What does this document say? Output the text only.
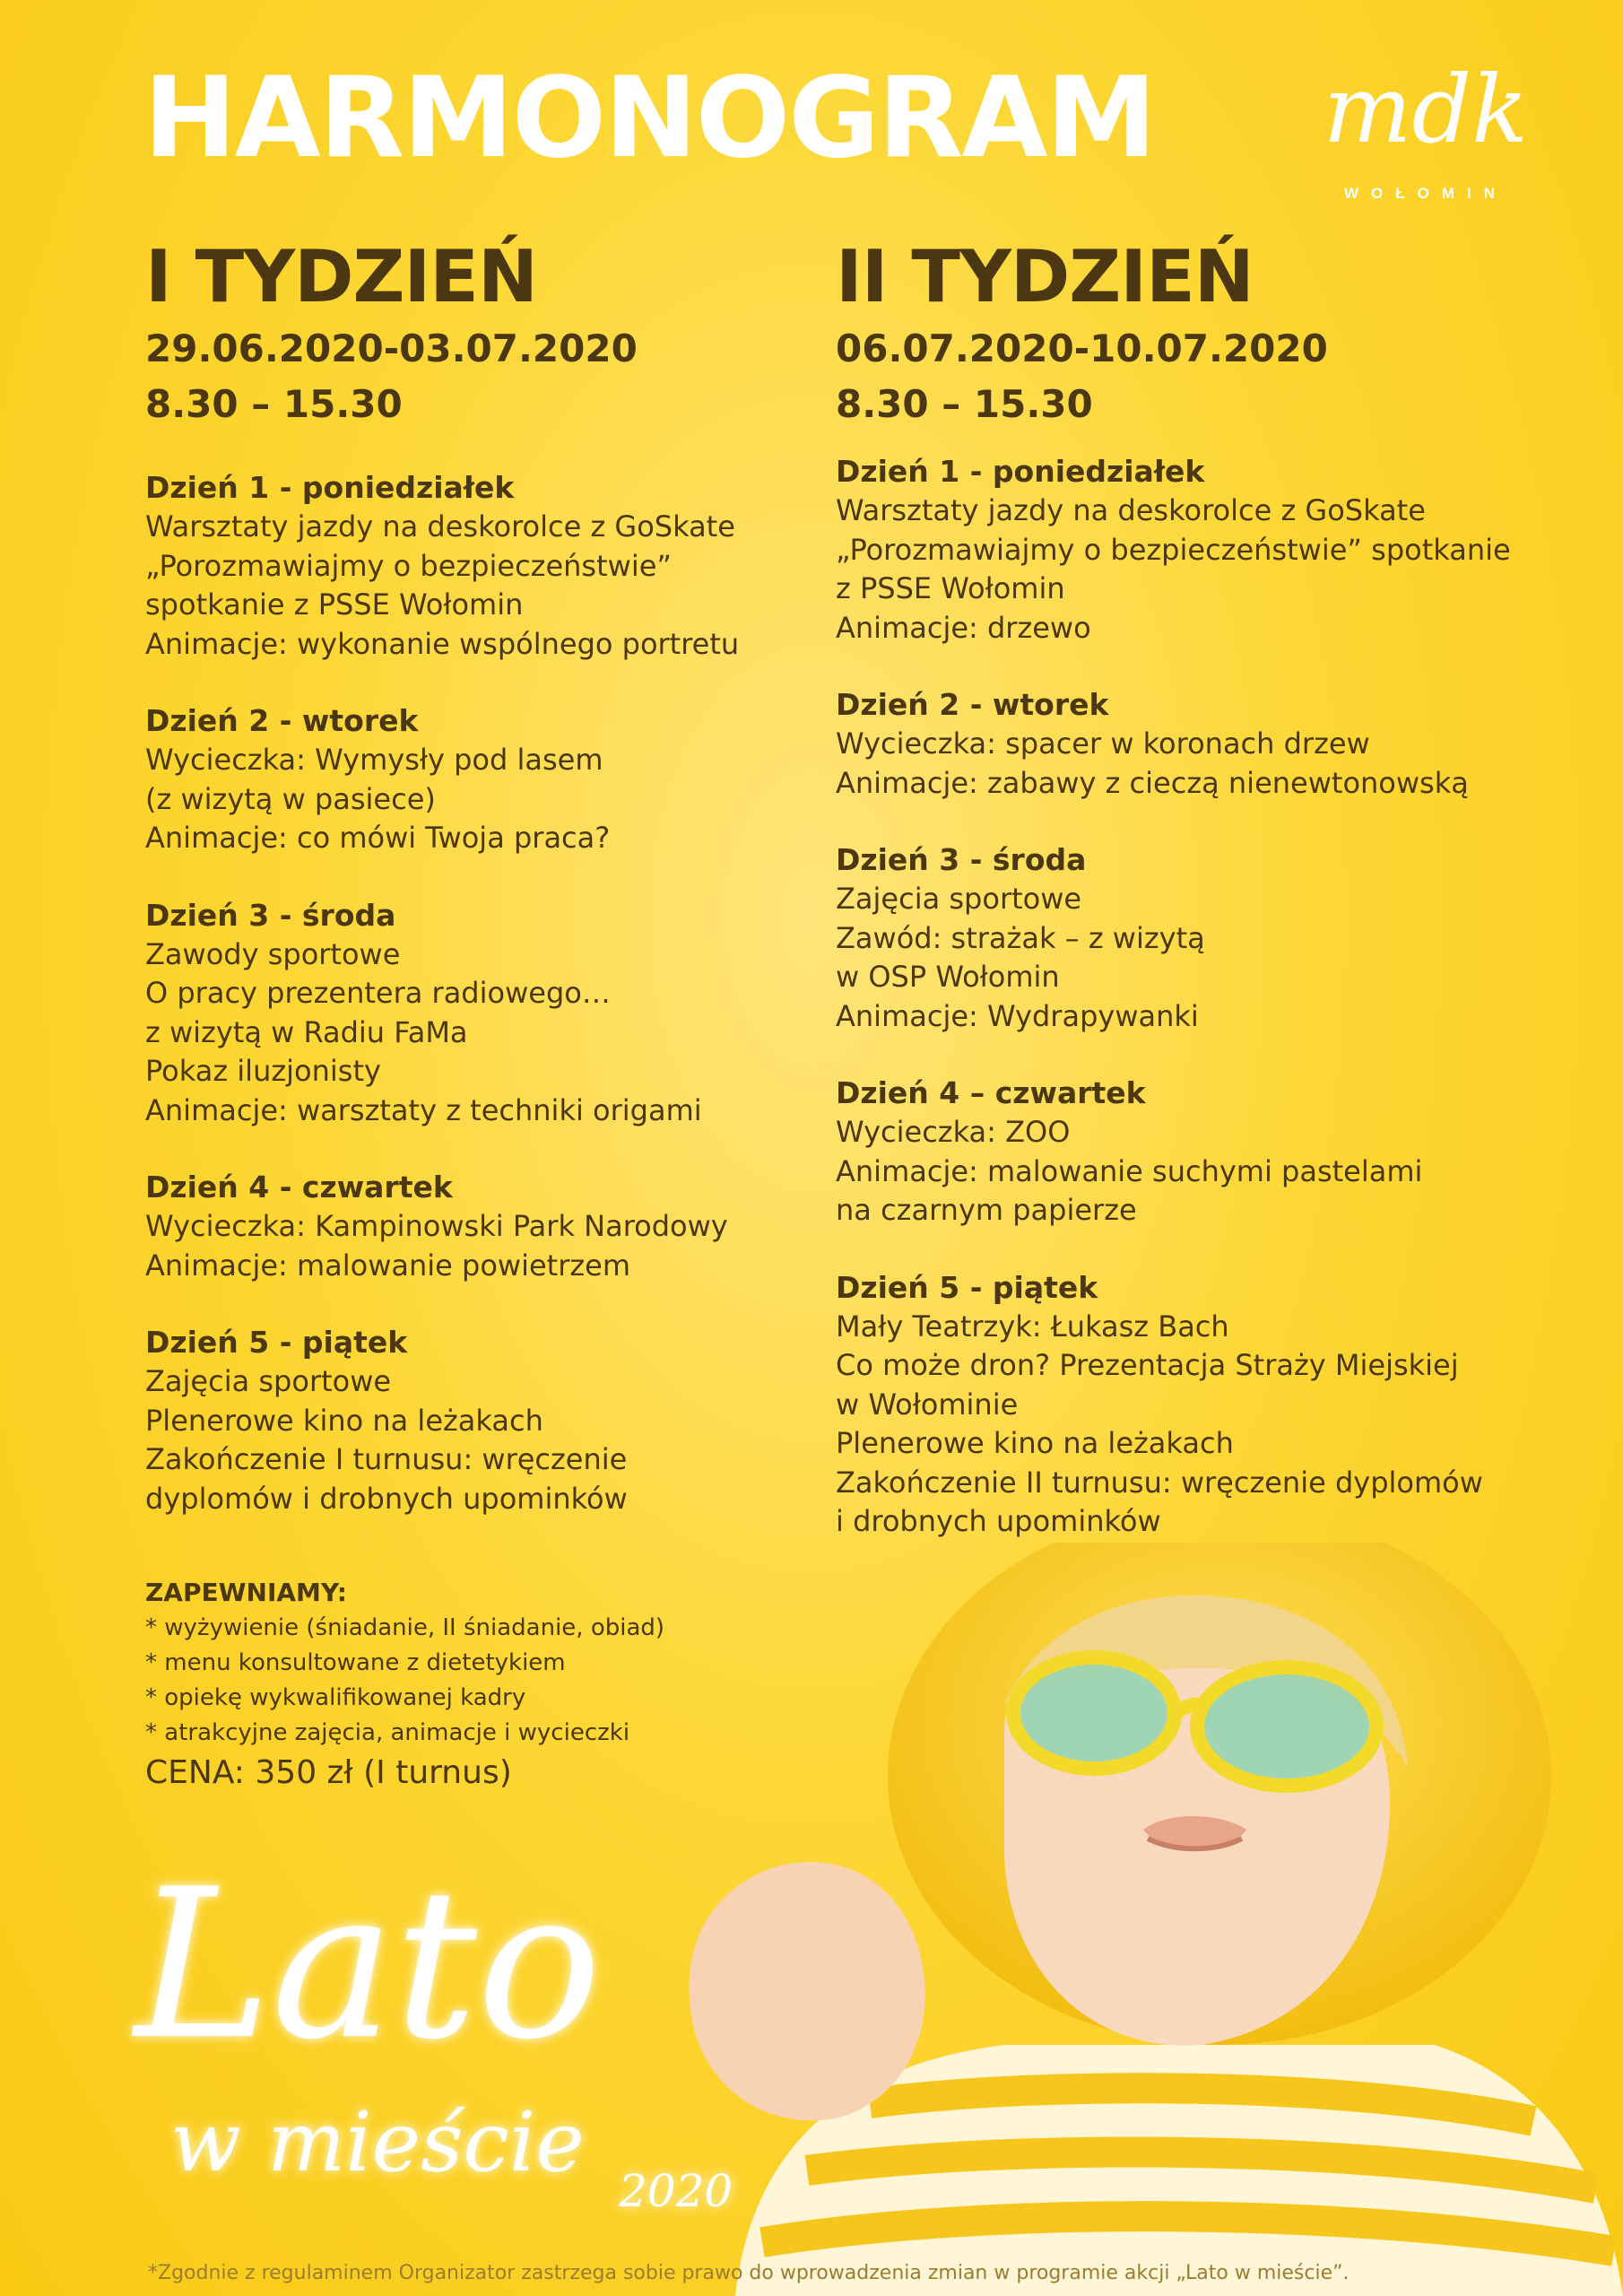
HARMONOGRAM mdk
WOŁOMIN
I TYDZIEŃ
29.06.2020-03.07.2020
8.30 – 15.30
Dzień 1 - poniedziałek
Warsztaty jazdy na deskorolce z GoSkate
„Porozmawiajmy o bezpieczeństwie”
spotkanie z PSSE Wołomin
Animacje: wykonanie wspólnego portretu
Dzień 2 - wtorek
Wycieczka: Wymysły pod lasem
(z wizytą w pasiece)
Animacje: co mówi Twoja praca?
Dzień 3 - środa
Zawody sportowe
O pracy prezentera radiowego…
z wizytą w Radiu FaMa
Pokaz iluzjonisty
Animacje: warsztaty z techniki origami
Dzień 4 - czwartek
Wycieczka: Kampinowski Park Narodowy
Animacje: malowanie powietrzem
Dzień 5 - piątek
Zajęcia sportowe
Plenerowe kino na leżakach
Zakończenie I turnusu: wręczenie
dyplomów i drobnych upominków
II TYDZIEŃ
06.07.2020-10.07.2020
8.30 – 15.30
Dzień 1 - poniedziałek
Warsztaty jazdy na deskorolce z GoSkate
„Porozmawiajmy o bezpieczeństwie” spotkanie
z PSSE Wołomin
Animacje: drzewo
Dzień 2 - wtorek
Wycieczka: spacer w koronach drzew
Animacje: zabawy z cieczą nienewtonowską
Dzień 3 - środa
Zajęcia sportowe
Zawód: strażak – z wizytą
w OSP Wołomin
Animacje: Wydrapywanki
Dzień 4 – czwartek
Wycieczka: ZOO
Animacje: malowanie suchymi pastelami
na czarnym papierze
Dzień 5 - piątek
Mały Teatrzyk: Łukasz Bach
Co może dron? Prezentacja Straży Miejskiej
w Wołominie
Plenerowe kino na leżakach
Zakończenie II turnusu: wręczenie dyplomów
i drobnych upominków
Lato
w mieście
2020
ZAPEWNIAMY:
* wyżywienie (śniadanie, II śniadanie, obiad)
* menu konsultowane z dietetykiem
* opiekę wykwalifikowanej kadry
* atrakcyjne zajęcia, animacje i wycieczki
CENA: 350 zł (I turnus)
*Zgodnie z regulaminem Organizator zastrzega sobie prawo do wprowadzenia zmian w programie akcji „Lato w mieście”.
